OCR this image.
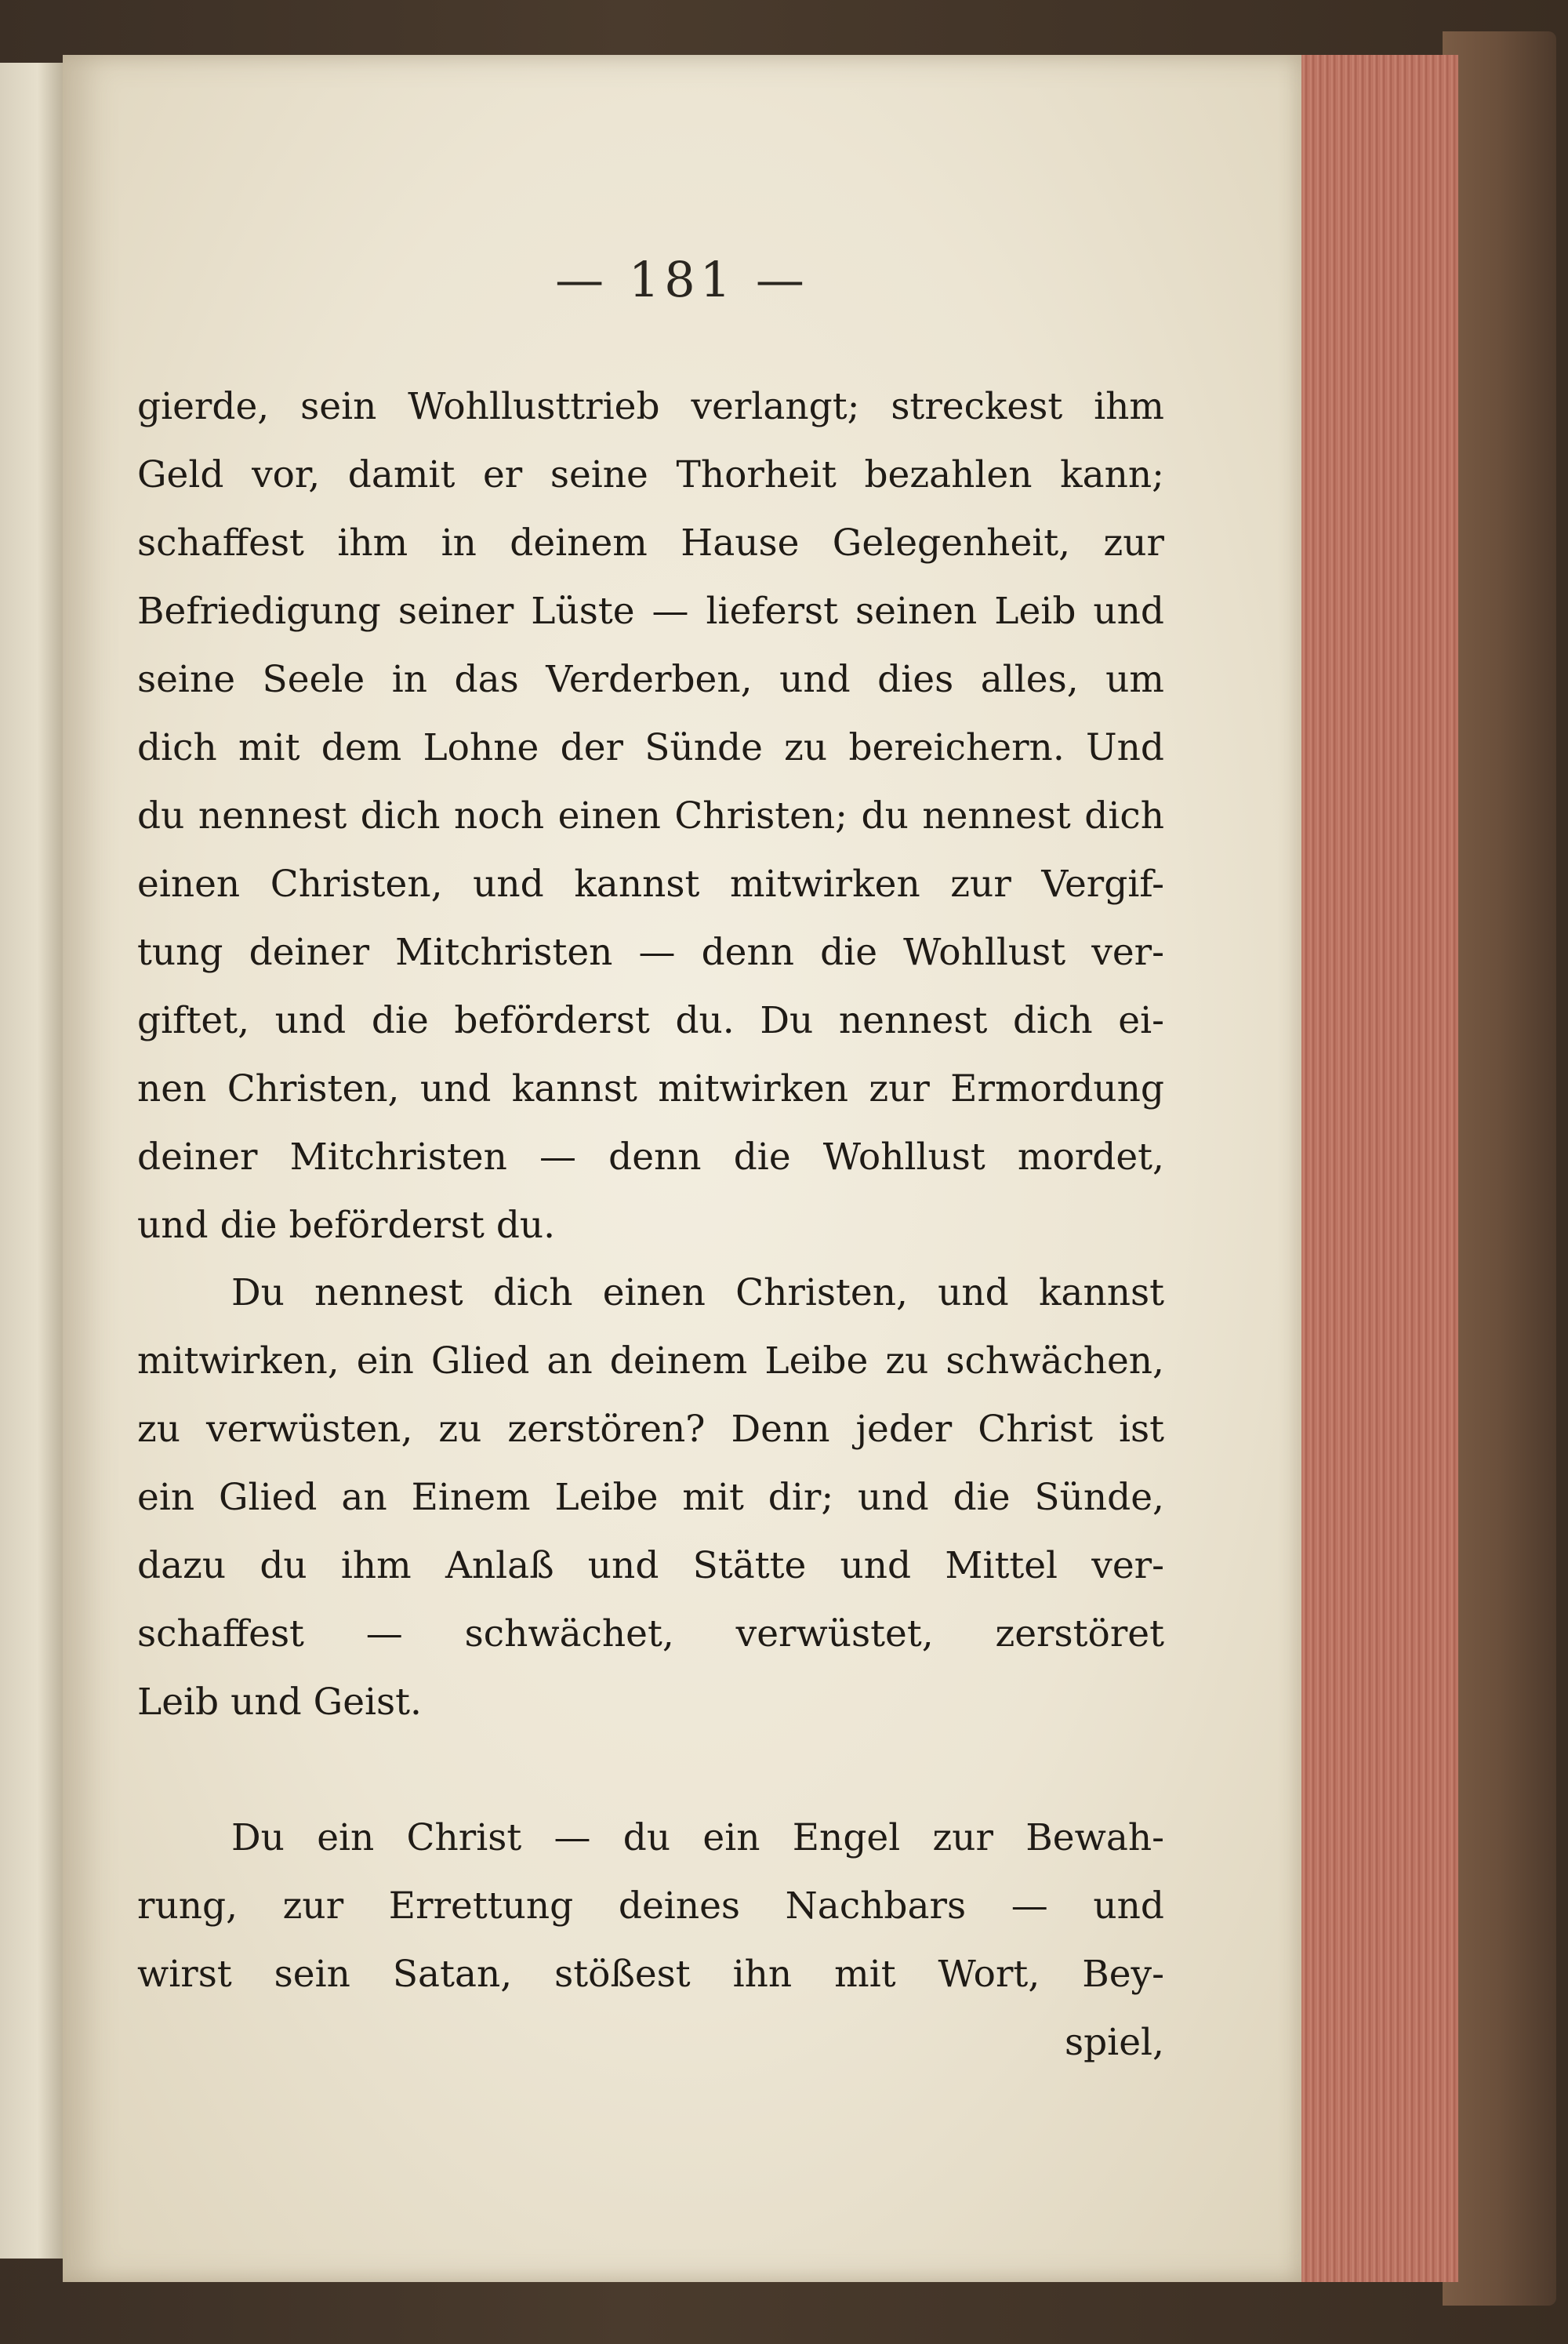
— 181 —
gierde, sein Wohllusttrieb verlangt; streckest ihm
Geld vor, damit er seine Thorheit bezahlen kann;
schaffest ihm in deinem Hause Gelegenheit, zur
Befriedigung seiner Lüste — lieferst seinen Leib und
seine Seele in das Verderben, und dies alles, um
dich mit dem Lohne der Sünde zu bereichern. Und
du nennest dich noch einen Christen; du nennest dich
einen Christen, und kannst mitwirken zur Vergif-
tung deiner Mitchristen — denn die Wohllust ver-
giftet, und die beförderst du. Du nennest dich ei-
nen Christen, und kannst mitwirken zur Ermordung
deiner Mitchristen — denn die Wohllust mordet,
und die beförderst du.
Du nennest dich einen Christen, und kannst
mitwirken, ein Glied an deinem Leibe zu schwächen,
zu verwüsten, zu zerstören? Denn jeder Christ ist
ein Glied an Einem Leibe mit dir; und die Sünde,
dazu du ihm Anlaß und Stätte und Mittel ver-
schaffest — schwächet, verwüstet, zerstöret
Leib und Geist.
Du ein Christ — du ein Engel zur Bewah-
rung, zur Errettung deines Nachbars — und
wirst sein Satan, stößest ihn mit Wort, Bey-
spiel,
